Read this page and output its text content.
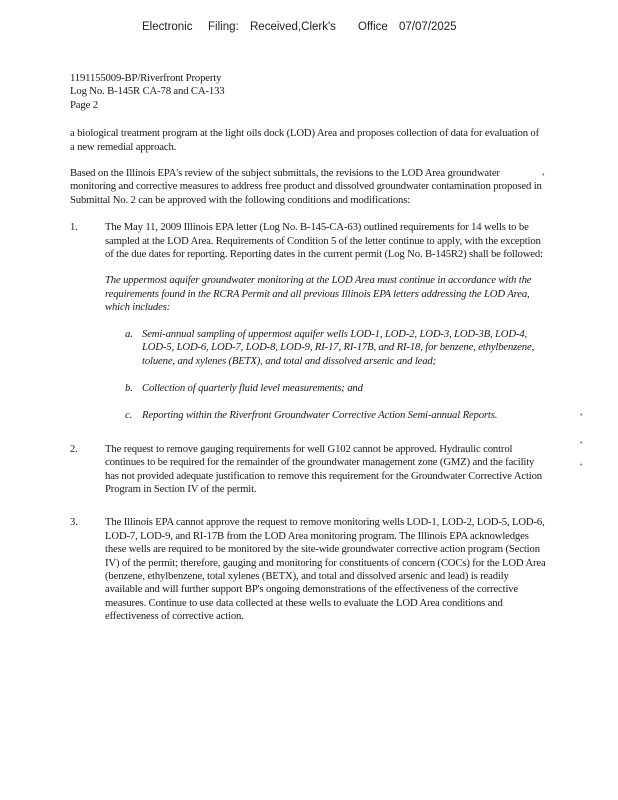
Electronic Filing: Received,Clerk's Office 07/07/2025
1191155009-BP/Riverfront Property
Log No. B-145R CA-78 and CA-133
Page 2

a biological treatment program at the light oils dock (LOD) Area and proposes collection of data for evaluation of a new remedial approach.

Based on the Illinois EPA's review of the subject submittals, the revisions to the LOD Area groundwater monitoring and corrective measures to address free product and dissolved groundwater contamination proposed in Submittal No. 2 can be approved with the following conditions and modifications:

1.	The May 11, 2009 Illinois EPA letter (Log No. B-145-CA-63) outlined requirements for 14 wells to be sampled at the LOD Area. Requirements of Condition 5 of the letter continue to apply, with the exception of the due dates for reporting. Reporting dates in the current permit (Log No. B-145R2) shall be followed:

The uppermost aquifer groundwater monitoring at the LOD Area must continue in accordance with the requirements found in the RCRA Permit and all previous Illinois EPA letters addressing the LOD Area, which includes:

a. Semi-annual sampling of uppermost aquifer wells LOD-1, LOD-2, LOD-3, LOD-3B, LOD-4, LOD-5, LOD-6, LOD-7, LOD-8, LOD-9, RI-17, RI-17B, and RI-18, for benzene, ethylbenzene, toluene, and xylenes (BETX), and total and dissolved arsenic and lead;

b. Collection of quarterly fluid level measurements; and

c. Reporting within the Riverfront Groundwater Corrective Action Semi-annual Reports.

2.	The request to remove gauging requirements for well G102 cannot be approved. Hydraulic control continues to be required for the remainder of the groundwater management zone (GMZ) and the facility has not provided adequate justification to remove this requirement for the Groundwater Corrective Action Program in Section IV of the permit.

3.	The Illinois EPA cannot approve the request to remove monitoring wells LOD-1, LOD-2, LOD-5, LOD-6, LOD-7, LOD-9, and RI-17B from the LOD Area monitoring program. The Illinois EPA acknowledges these wells are required to be monitored by the site-wide groundwater corrective action program (Section IV) of the permit; therefore, gauging and monitoring for constituents of concern (COCs) for the LOD Area (benzene, ethylbenzene, total xylenes (BETX), and total and dissolved arsenic and lead) is readily available and will further support BP's ongoing demonstrations of the effectiveness of the corrective measures. Continue to use data collected at these wells to evaluate the LOD Area conditions and effectiveness of corrective action.

•
•
•
•
